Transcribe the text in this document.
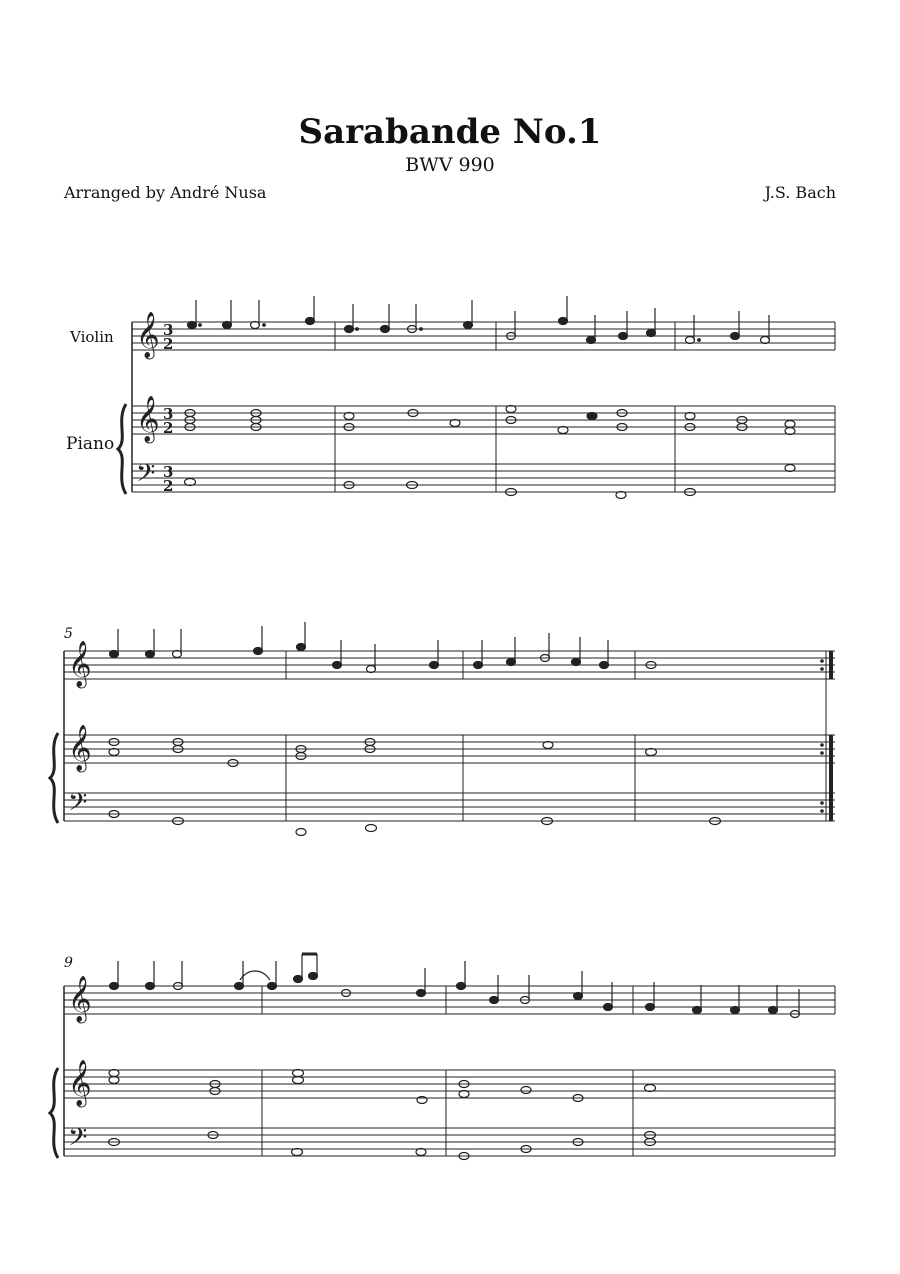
Sarabande No.1
BWV 990
Arranged by André Nusa	J.S. Bach
Violin
Piano
5
9
𝄞
𝄞
𝄢
3
2
3
2
3
2
𝄞
𝄞
𝄢
𝄞
𝄞
𝄢
